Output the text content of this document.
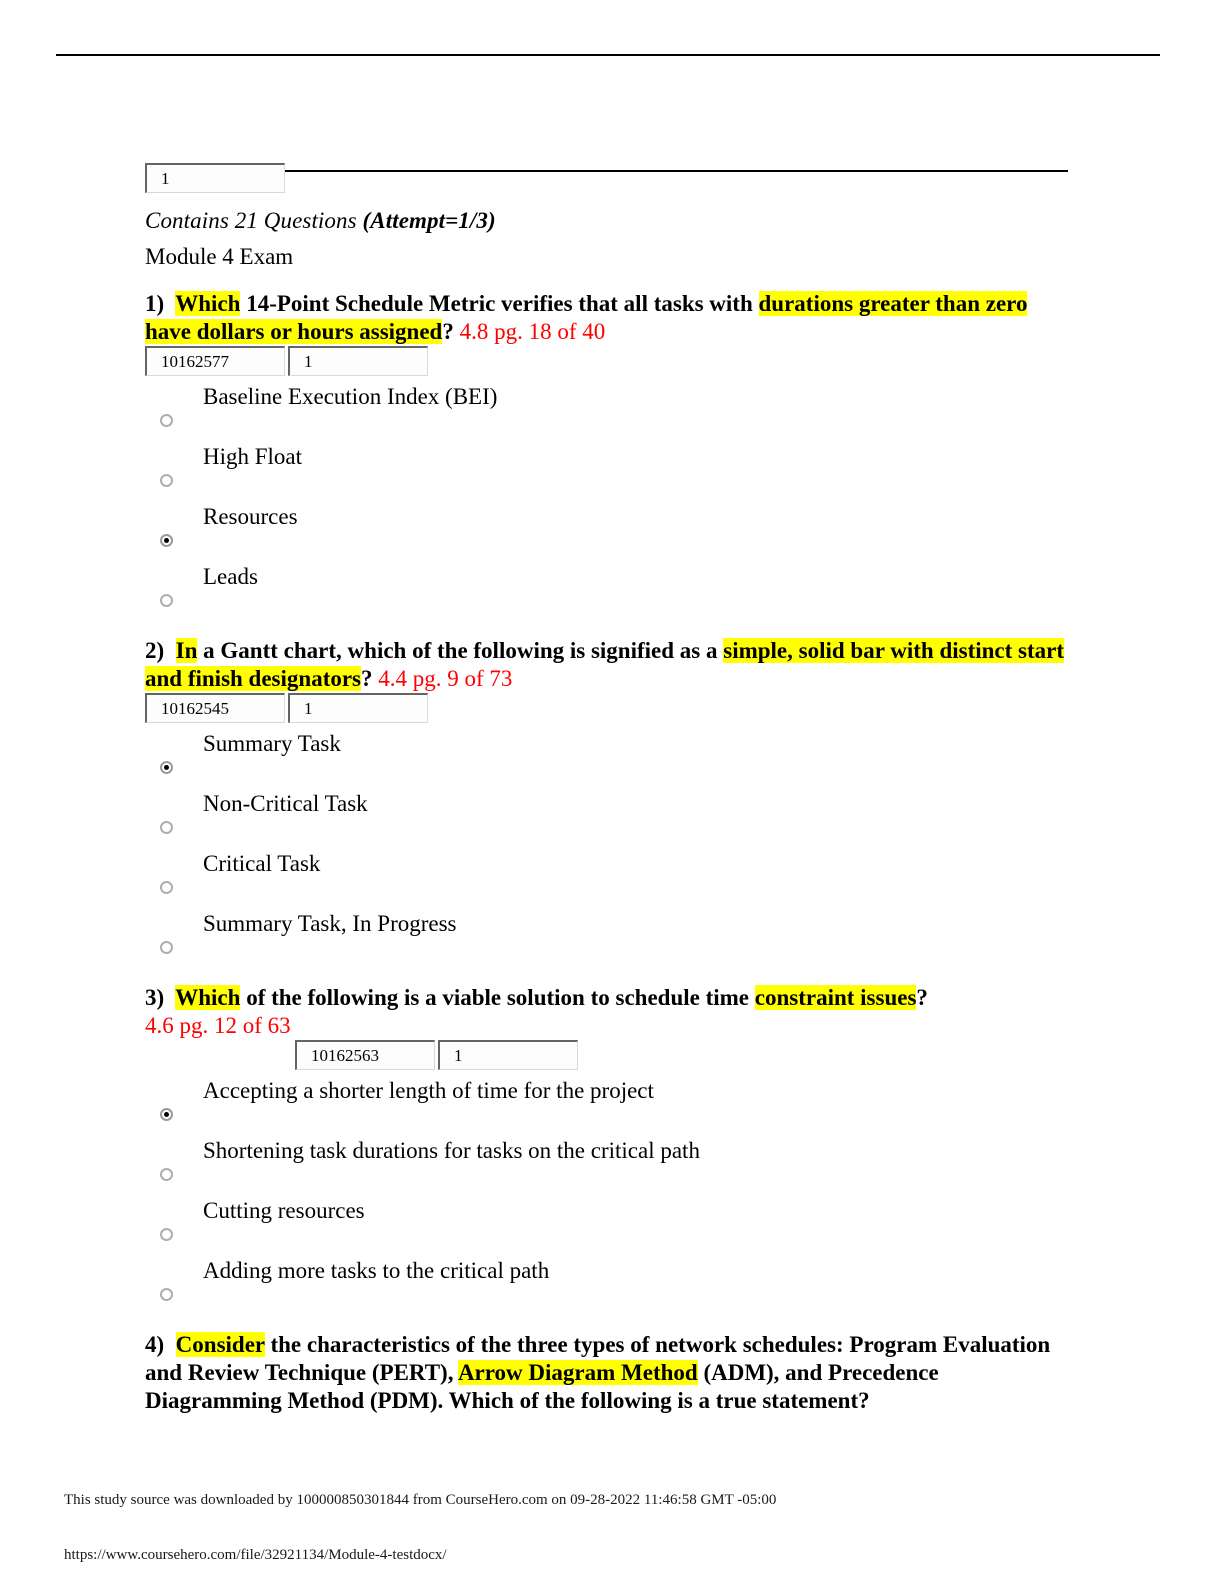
1
Contains 21 Questions (Attempt=1/3)
Module 4 Exam
1)  Which 14-Point Schedule Metric verifies that all tasks with durations greater than zero have dollars or hours assigned? 4.8 pg. 18 of 40
10162577	1
Baseline Execution Index (BEI)
High Float
Resources
Leads
2)  In a Gantt chart, which of the following is signified as a simple, solid bar with distinct start and finish designators? 4.4 pg. 9 of 73
10162545	1
Summary Task
Non-Critical Task
Critical Task
Summary Task, In Progress
3)  Which of the following is a viable solution to schedule time constraint issues?
4.6 pg. 12 of 63
10162563	1
Accepting a shorter length of time for the project
Shortening task durations for tasks on the critical path
Cutting resources
Adding more tasks to the critical path
4)  Consider the characteristics of the three types of network schedules: Program Evaluation and Review Technique (PERT), Arrow Diagram Method (ADM), and Precedence Diagramming Method (PDM). Which of the following is a true statement?
This study source was downloaded by 100000850301844 from CourseHero.com on 09-28-2022 11:46:58 GMT -05:00
https://www.coursehero.com/file/32921134/Module-4-testdocx/
